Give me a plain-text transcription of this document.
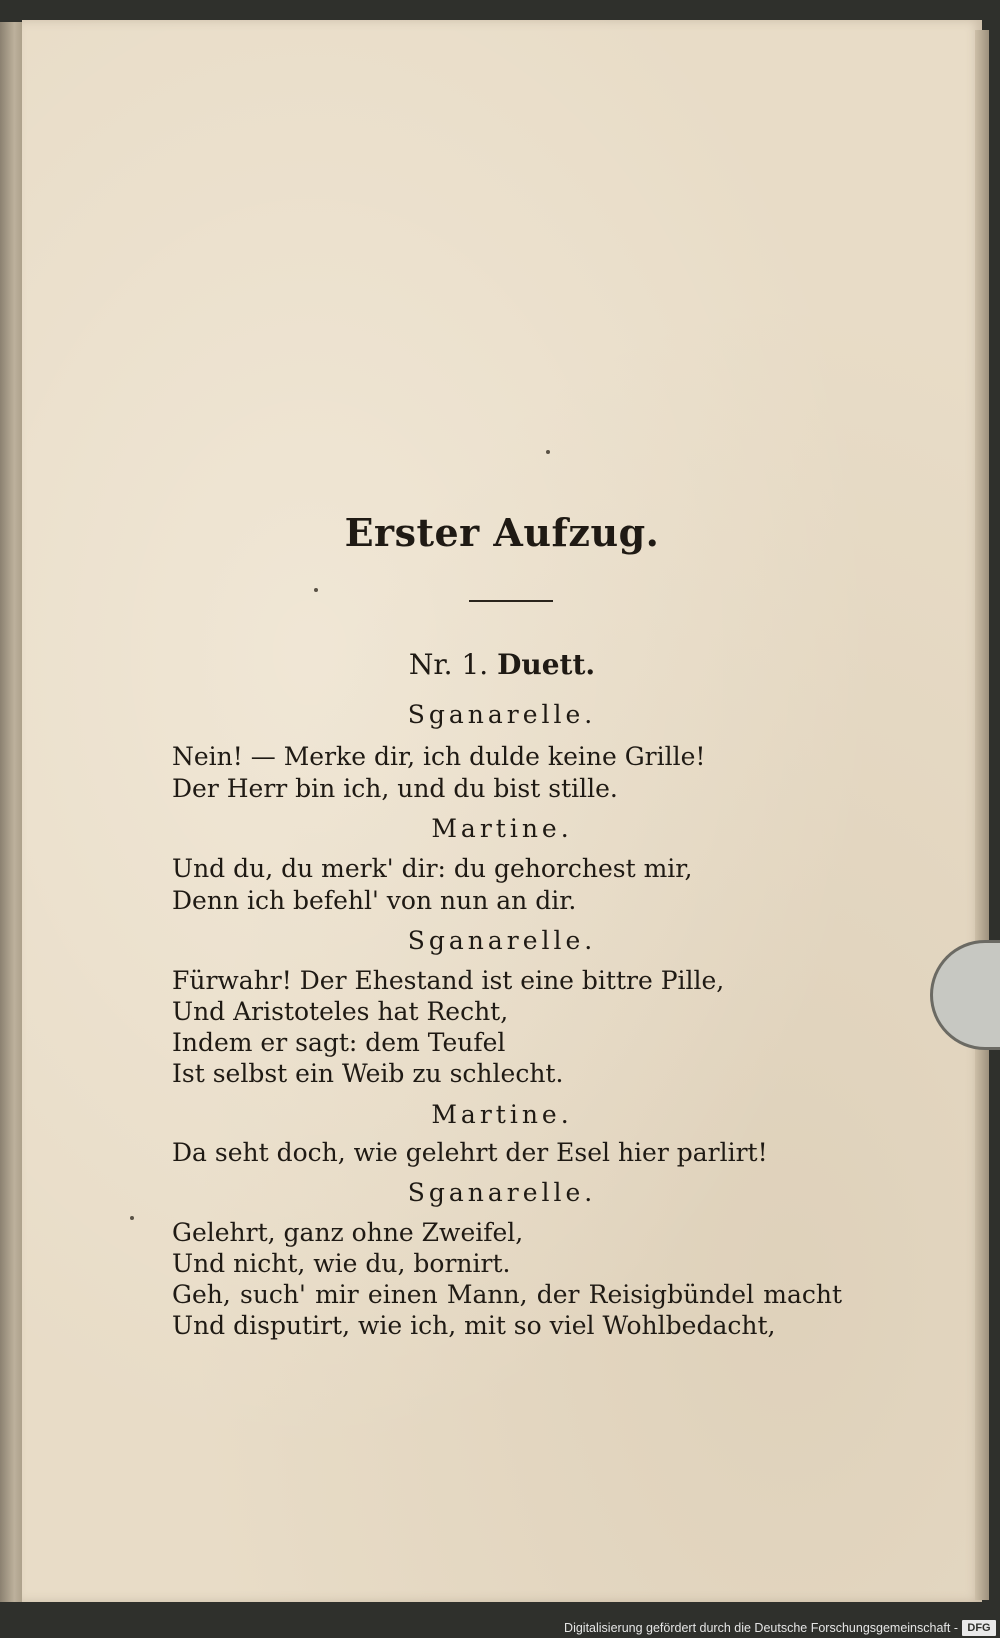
Erster Aufzug.
Nr. 1. Duett.
Sganarelle.
Nein! — Merke dir, ich dulde keine Grille!
Der Herr bin ich, und du bist stille.
Martine.
Und du, du merk' dir: du gehorchest mir,
Denn ich befehl' von nun an dir.
Sganarelle.
Fürwahr! Der Ehestand ist eine bittre Pille,
Und Aristoteles hat Recht,
Indem er sagt: dem Teufel
Ist selbst ein Weib zu schlecht.
Martine.
Da seht doch, wie gelehrt der Esel hier parlirt!
Sganarelle.
Gelehrt, ganz ohne Zweifel,
Und nicht, wie du, bornirt.
Geh, such' mir einen Mann, der Reisigbündel macht
Und disputirt, wie ich, mit so viel Wohlbedacht,
Digitalisierung gefördert durch die Deutsche Forschungsgemeinschaft - DFG
